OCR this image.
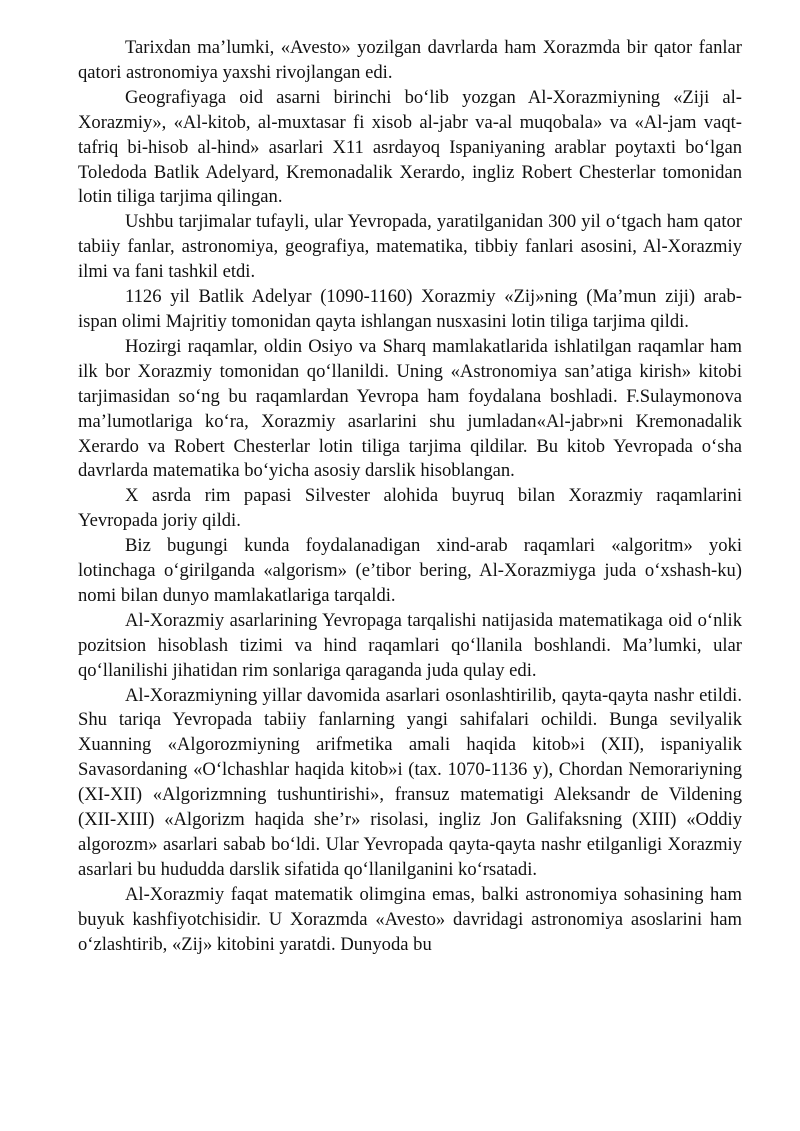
Tarixdan ma’lumki, «Avesto» yozilgan davrlarda ham Xorazmda bir qator fanlar qatori astronomiya yaxshi rivojlangan edi.

Geografiyaga oid asarni birinchi bo‘lib yozgan Al-Xorazmiyning «Ziji al-Xorazmiy», «Al-kitob, al-muxtasar fi xisob al-jabr va-al muqobala» va «Al-jam vaqt-tafriq bi-hisob al-hind» asarlari X11 asrdayoq Ispaniyaning arablar poytaxti bo‘lgan Toledoda Batlik Adelyard, Kremonadalik Xerardo, ingliz Robert Chesterlar tomonidan lotin tiliga tarjima qilingan.

Ushbu tarjimalar tufayli, ular Yevropada, yaratilganidan 300 yil o‘tgach ham qator tabiiy fanlar, astronomiya, geografiya, matematika, tibbiy fanlari asosini, Al-Xorazmiy ilmi va fani tashkil etdi.

1126 yil Batlik Adelyar (1090-1160) Xorazmiy «Zij»ning (Ma’mun ziji) arab-ispan olimi Majritiy tomonidan qayta ishlangan nusxasini lotin tiliga tarjima qildi.

Hozirgi raqamlar, oldin Osiyo va Sharq mamlakatlarida ishlatilgan raqamlar ham ilk bor Xorazmiy tomonidan qo‘llanildi. Uning «Astronomiya san’atiga kirish» kitobi tarjimasidan so‘ng bu raqamlardan Yevropa ham foydalana boshladi. F.Sulaymonova ma’lumotlariga ko‘ra, Xorazmiy asarlarini shu jumladan«Al-jabr»ni Kremonadalik Xerardo va Robert Chesterlar lotin tiliga tarjima qildilar. Bu kitob Yevropada o‘sha davrlarda matematika bo‘yicha asosiy darslik hisoblangan.

X asrda rim papasi Silvester alohida buyruq bilan Xorazmiy raqamlarini Yevropada joriy qildi.

Biz bugungi kunda foydalanadigan xind-arab raqamlari «algoritm» yoki lotinchaga o‘girilganda «algorism» (e’tibor bering, Al-Xorazmiyga juda o‘xshash-ku) nomi bilan dunyo mamlakatlariga tarqaldi.

Al-Xorazmiy asarlarining Yevropaga tarqalishi natijasida matematikaga oid o‘nlik pozitsion hisoblash tizimi va hind raqamlari qo‘llanila boshlandi. Ma’lumki, ular qo‘llanilishi jihatidan rim sonlariga qaraganda juda qulay edi.

Al-Xorazmiyning yillar davomida asarlari osonlashtirilib, qayta-qayta nashr etildi. Shu tariqa Yevropada tabiiy fanlarning yangi sahifalari ochildi. Bunga sevilyalik Xuanning «Algorozmiyning arifmetika amali haqida kitob»i (XII), ispaniyalik Savasordaning «O‘lchashlar haqida kitob»i (tax. 1070-1136 y), Chordan Nemorariyning (XI-XII) «Algorizmning tushuntirishi», fransuz matematigi Aleksandr de Vildening (XII-XIII) «Algorizm haqida she’r» risolasi, ingliz Jon Galifaksning (XIII) «Oddiy algorozm» asarlari sabab bo‘ldi. Ular Yevropada qayta-qayta nashr etilganligi Xorazmiy asarlari bu hududda darslik sifatida qo‘llanilganini ko‘rsatadi.

Al-Xorazmiy faqat matematik olimgina emas, balki astronomiya sohasining ham buyuk kashfiyotchisidir. U Xorazmda «Avesto» davridagi astronomiya asoslarini ham o‘zlashtirib, «Zij» kitobini yaratdi. Dunyoda bu
